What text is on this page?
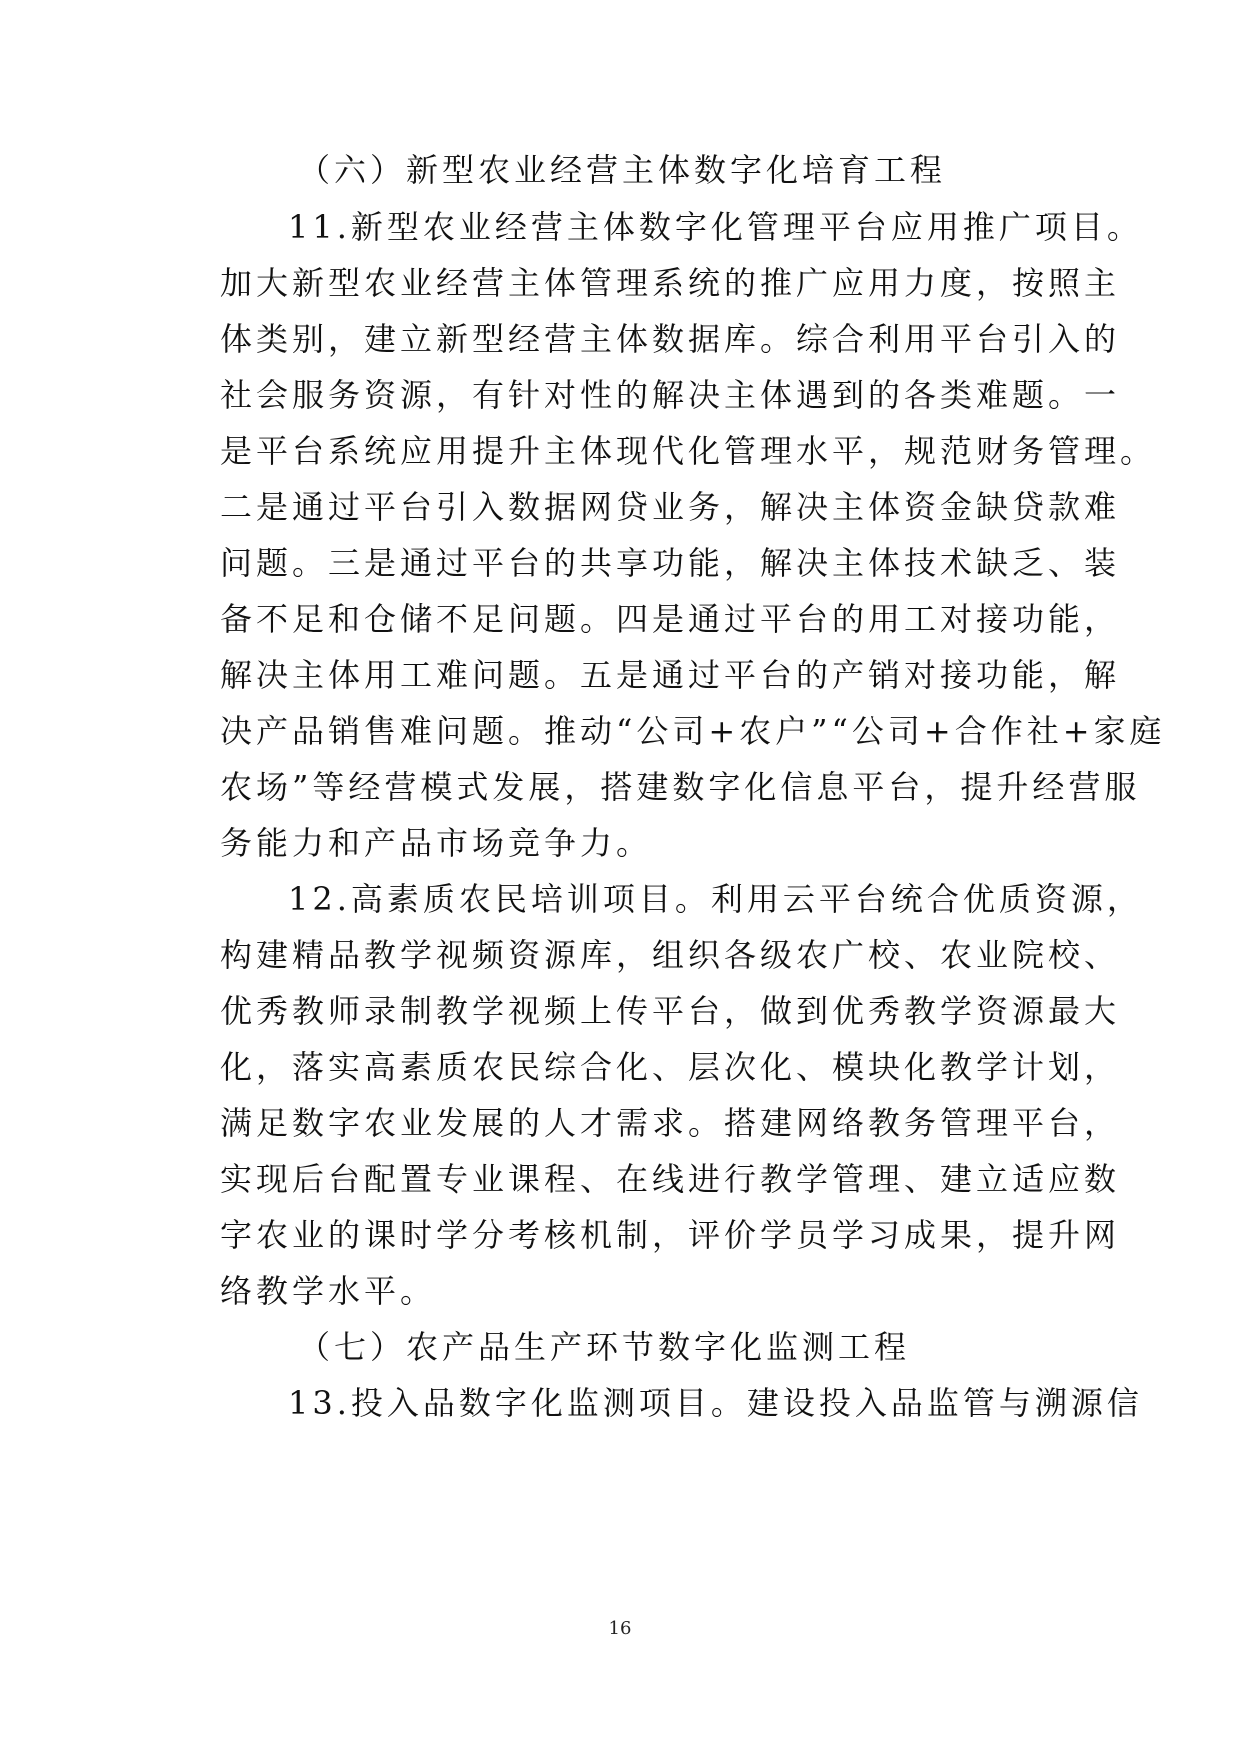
（六）新型农业经营主体数字化培育工程
11.新型农业经营主体数字化管理平台应用推广项目。
加大新型农业经营主体管理系统的推广应用力度，按照主
体类别，建立新型经营主体数据库。综合利用平台引入的
社会服务资源，有针对性的解决主体遇到的各类难题。一
是平台系统应用提升主体现代化管理水平，规范财务管理。
二是通过平台引入数据网贷业务，解决主体资金缺贷款难
问题。三是通过平台的共享功能，解决主体技术缺乏、装
备不足和仓储不足问题。四是通过平台的用工对接功能，
解决主体用工难问题。五是通过平台的产销对接功能，解
决产品销售难问题。推动“公司+农户”“公司+合作社+家庭
农场”等经营模式发展，搭建数字化信息平台，提升经营服
务能力和产品市场竞争力。
12.高素质农民培训项目。利用云平台统合优质资源，
构建精品教学视频资源库，组织各级农广校、农业院校、
优秀教师录制教学视频上传平台，做到优秀教学资源最大
化，落实高素质农民综合化、层次化、模块化教学计划，
满足数字农业发展的人才需求。搭建网络教务管理平台，
实现后台配置专业课程、在线进行教学管理、建立适应数
字农业的课时学分考核机制，评价学员学习成果，提升网
络教学水平。
（七）农产品生产环节数字化监测工程
13.投入品数字化监测项目。建设投入品监管与溯源信
16
